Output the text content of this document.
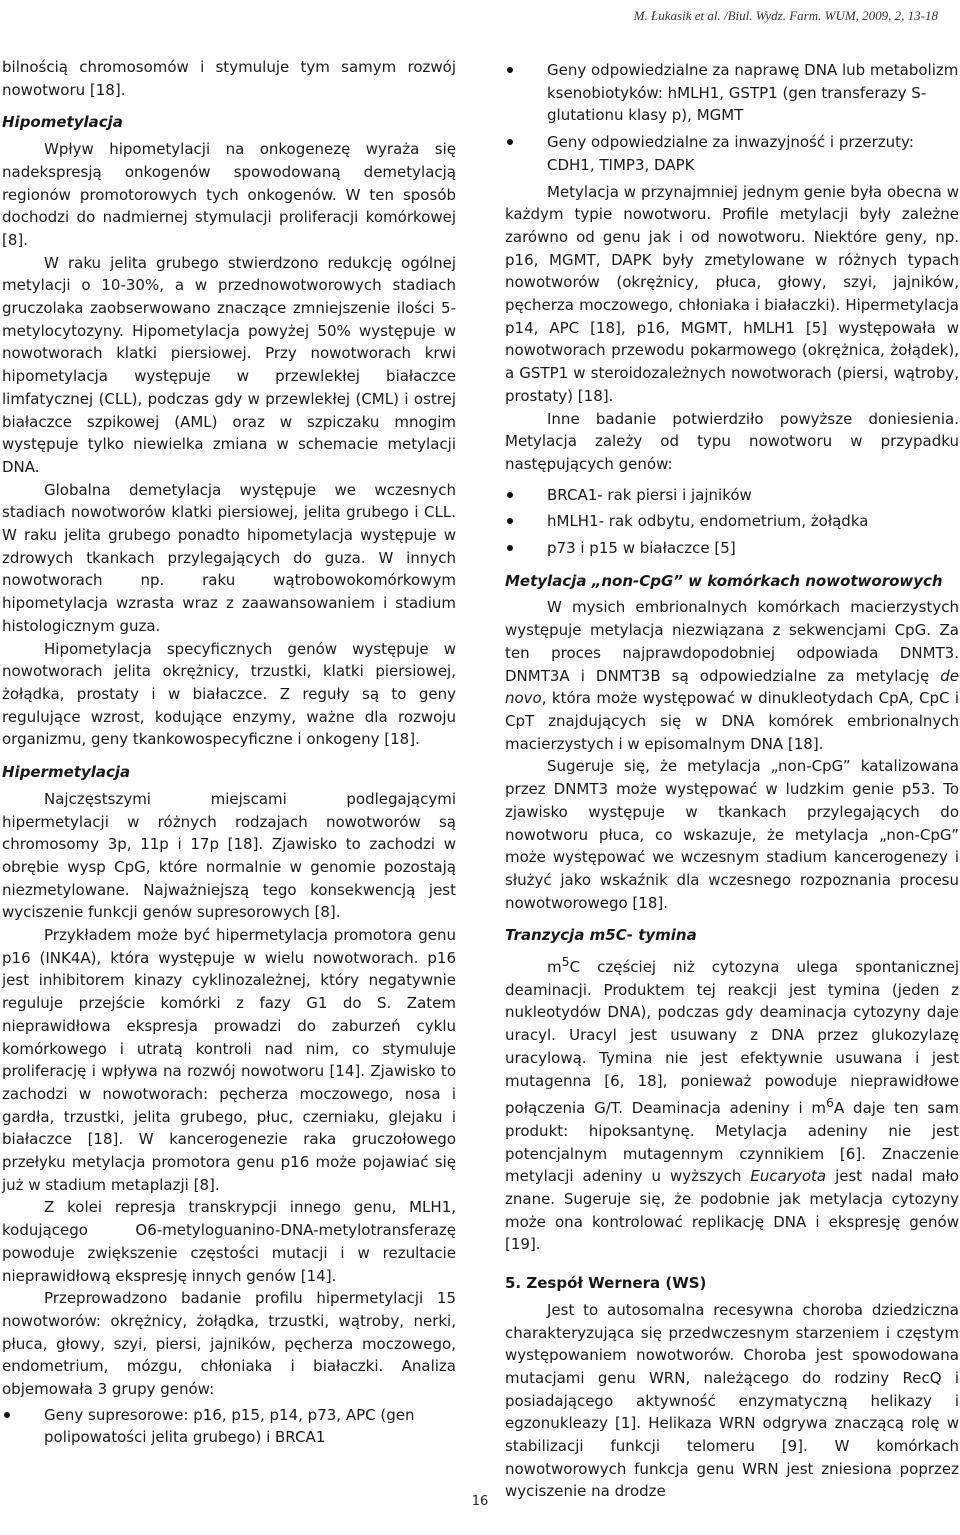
M. Łukasik et al. /Biul. Wydz. Farm. WUM, 2009, 2, 13-18

bilnością chromosomów i stymuluje tym samym rozwój nowotworu [18].

Hipometylacja

Wpływ hipometylacji na onkogenezę wyraża się nadekspresją onkogenów spowodowaną demetylacją regionów promotorowych tych onkogenów. W ten sposób dochodzi do nadmiernej stymulacji proliferacji komórkowej [8].

W raku jelita grubego stwierdzono redukcję ogólnej metylacji o 10-30%, a w przednowotworowych stadiach gruczolaka zaobserwowano znaczące zmniejszenie ilości 5-metylocytozyny. Hipometylacja powyżej 50% występuje w nowotworach klatki piersiowej. Przy nowotworach krwi hipometylacja występuje w przewlekłej białaczce limfatycznej (CLL), podczas gdy w przewlekłej (CML) i ostrej białaczce szpikowej (AML) oraz w szpiczaku mnogim występuje tylko niewielka zmiana w schemacie metylacji DNA.

Globalna demetylacja występuje we wczesnych stadiach nowotworów klatki piersiowej, jelita grubego i CLL. W raku jelita grubego ponadto hipometylacja występuje w zdrowych tkankach przylegających do guza. W innych nowotworach np. raku wątrobowokomórkowym hipometylacja wzrasta wraz z zaawansowaniem i stadium histologicznym guza.

Hipometylacja specyficznych genów występuje w nowotworach jelita okrężnicy, trzustki, klatki piersiowej, żołądka, prostaty i w białaczce. Z reguły są to geny regulujące wzrost, kodujące enzymy, ważne dla rozwoju organizmu, geny tkankowospecyficzne i onkogeny [18].

Hipermetylacja

Najczęstszymi miejscami podlegającymi hipermetylacji w różnych rodzajach nowotworów są chromosomy 3p, 11p i 17p [18]. Zjawisko to zachodzi w obrębie wysp CpG, które normalnie w genomie pozostają niezmetylowane. Najważniejszą tego konsekwencją jest wyciszenie funkcji genów supresorowych [8].

Przykładem może być hipermetylacja promotora genu p16 (INK4A), która występuje w wielu nowotworach. p16 jest inhibitorem kinazy cyklinozależnej, który negatywnie reguluje przejście komórki z fazy G1 do S. Zatem nieprawidłowa ekspresja prowadzi do zaburzeń cyklu komórkowego i utratą kontroli nad nim, co stymuluje proliferację i wpływa na rozwój nowotworu [14]. Zjawisko to zachodzi w nowotworach: pęcherza moczowego, nosa i gardła, trzustki, jelita grubego, płuc, czerniaku, glejaku i białaczce [18]. W kancerogenezie raka gruczołowego przełyku metylacja promotora genu p16 może pojawiać się już w stadium metaplazji [8].

Z kolei represja transkrypcji innego genu, MLH1, kodującego O6-metyloguanino-DNA-metylotransferazę powoduje zwiększenie częstości mutacji i w rezultacie nieprawidłową ekspresję innych genów [14].

Przeprowadzono badanie profilu hipermetylacji 15 nowotworów: okrężnicy, żołądka, trzustki, wątroby, nerki, płuca, głowy, szyi, piersi, jajników, pęcherza moczowego, endometrium, mózgu, chłoniaka i białaczki. Analiza objemowała 3 grupy genów:

Geny supresorowe: p16, p15, p14, p73, APC (gen polipowatości jelita grubego) i BRCA1
Geny odpowiedzialne za naprawę DNA lub metabolizm ksenobiotyków: hMLH1, GSTP1 (gen transferazy S-glutationu klasy p), MGMT
Geny odpowiedzialne za inwazyjność i przerzuty: CDH1, TIMP3, DAPK

Metylacja w przynajmniej jednym genie była obecna w każdym typie nowotworu. Profile metylacji były zależne zarówno od genu jak i od nowotworu. Niektóre geny, np. p16, MGMT, DAPK były zmetylowane w różnych typach nowotworów (okrężnicy, płuca, głowy, szyi, jajników, pęcherza moczowego, chłoniaka i białaczki). Hipermetylacja p14, APC [18], p16, MGMT, hMLH1 [5] występowała w nowotworach przewodu pokarmowego (okrężnica, żołądek), a GSTP1 w steroidozależnych nowotworach (piersi, wątroby, prostaty) [18].

Inne badanie potwierdziło powyższe doniesienia. Metylacja zależy od typu nowotworu w przypadku następujących genów:

BRCA1- rak piersi i jajników
hMLH1- rak odbytu, endometrium, żołądka
p73 i p15 w białaczce [5]
Metylacja „non-CpG” w komórkach nowotworowych

W mysich embrionalnych komórkach macierzystych występuje metylacja niezwiązana z sekwencjami CpG. Za ten proces najprawdopodobniej odpowiada DNMT3. DNMT3A i DNMT3B są odpowiedzialne za metylację de novo, która może występować w dinukleotydach CpA, CpC i CpT znajdujących się w DNA komórek embrionalnych macierzystych i w episomalnym DNA [18].

Sugeruje się, że metylacja „non-CpG” katalizowana przez DNMT3 może występować w ludzkim genie p53. To zjawisko występuje w tkankach przylegających do nowotworu płuca, co wskazuje, że metylacja „non-CpG” może występować we wczesnym stadium kancerogenezy i służyć jako wskaźnik dla wczesnego rozpoznania procesu nowotworowego [18].

Tranzycja m5C- tymina

$m^5C$ częściej niż cytozyna ulega spontanicznej deaminacji. Produktem tej reakcji jest tymina (jeden z nukleotydów DNA), podczas gdy deaminacja cytozyny daje uracyl. Uracyl jest usuwany z DNA przez glukozylazę uracylową. Tymina nie jest efektywnie usuwana i jest mutagenna [6, 18], ponieważ powoduje nieprawidłowe połączenia G/T. Deaminacja adeniny i $m^6A$ daje ten sam produkt: hipoksantynę. Metylacja adeniny nie jest potencjalnym mutagennym czynnikiem [6]. Znaczenie metylacji adeniny u wyższych Eucaryota jest nadal mało znane. Sugeruje się, że podobnie jak metylacja cytozyny może ona kontrolować replikację DNA i ekspresję genów [19].

5. Zespół Wernera (WS)

Jest to autosomalna recesywna choroba dziedziczna charakteryzująca się przedwczesnym starzeniem i częstym występowaniem nowotworów. Choroba jest spowodowana mutacjami genu WRN, należącego do rodziny RecQ i posiadającego aktywność enzymatyczną helikazy i egzonukleazy [1]. Helikaza WRN odgrywa znaczącą rolę w stabilizacji funkcji telomeru [9]. W komórkach nowotworowych funkcja genu WRN jest zniesiona poprzez wyciszenie na drodze

16
